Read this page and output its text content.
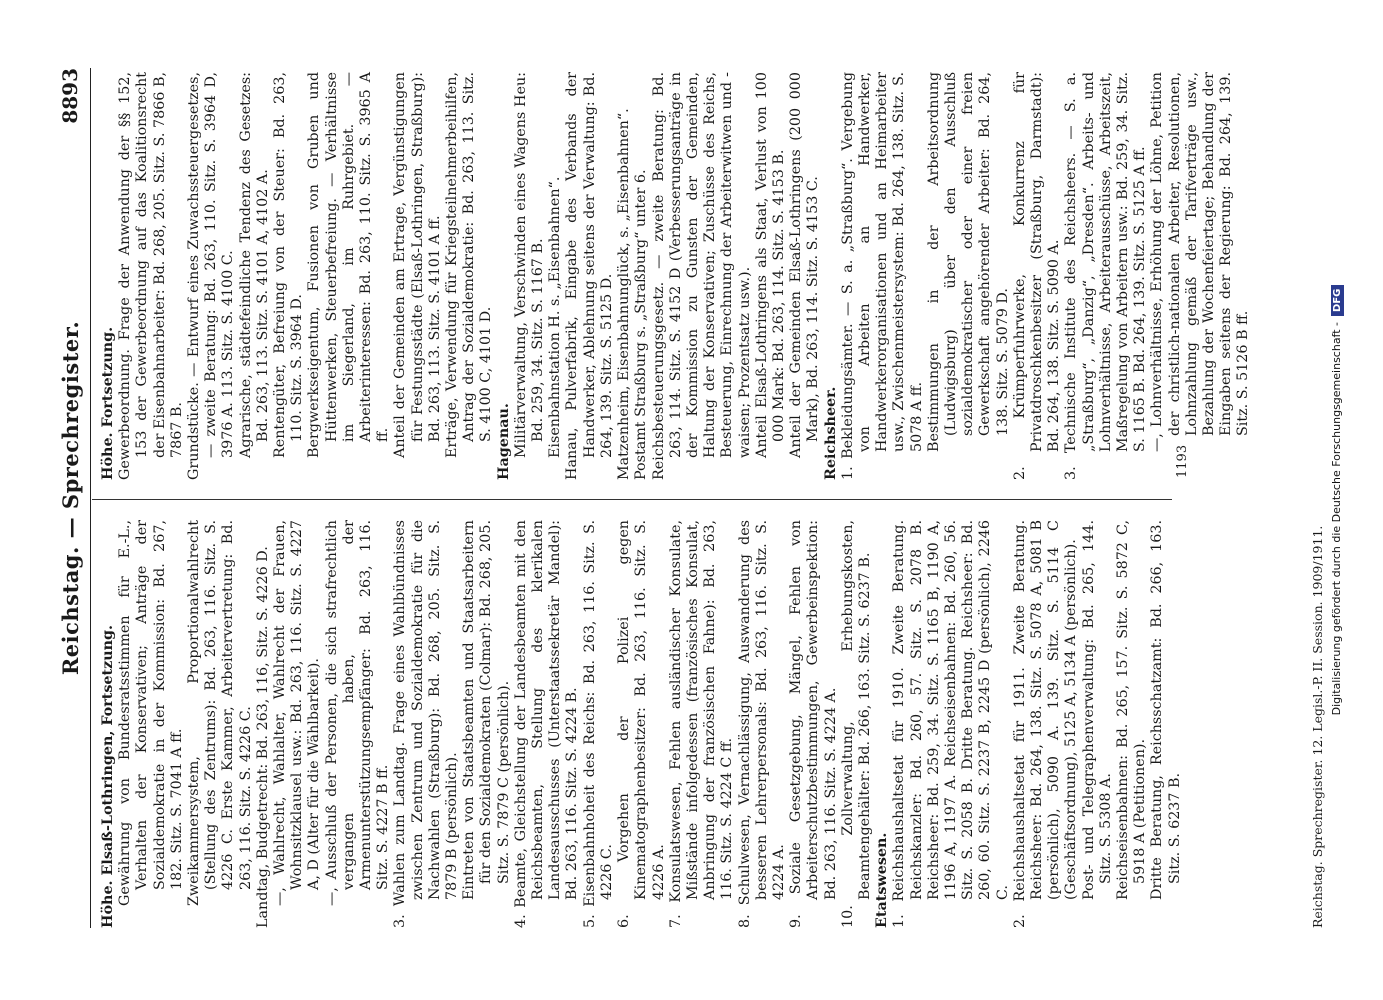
Reichstag. — Sprechregister.
8893

Höhe. Elsaß-Lothringen, Fortsetzung. Gewährung von Bundesratsstimmen für E.-L., Verhalten der Konservativen; Anträge der Sozialdemokratie in der Kommission: Bd. 267, 182. Sitz. S. 7041 A ff. Zweikammersystem, Proportionalwahlrecht (Stellung des Zentrums): Bd. 263, 116. Sitz. S. 4226 C. Erste Kammer, Arbeitervertretung: Bd. 263, 116. Sitz. S. 4226 C. Landtag, Budgetrecht: Bd. 263, 116, Sitz. S. 4226 D. —, Wahlrecht, Wahlalter, Wahlrecht der Frauen, Wohnsitzklausel usw.: Bd. 263, 116. Sitz. S. 4227 A, D (Alter für die Wählbarkeit). —, Ausschluß der Personen, die sich strafrechtlich vergangen haben, der Armenunterstützungsempfänger: Bd. 263, 116. Sitz. S. 4227 B ff. 3. Wahlen zum Landtag. Frage eines Wahlbündnisses zwischen Zentrum und Sozialdemokratie für die Nachwahlen (Straßburg): Bd. 268, 205. Sitz. S. 7879 B (persönlich). Eintreten von Staatsbeamten und Staatsarbeitern für den Sozialdemokraten (Colmar): Bd. 268, 205. Sitz. S. 7879 C (persönlich). 4. Beamte, Gleichstellung der Landesbeamten mit den Reichsbeamten, Stellung des klerikalen Landesausschusses (Unterstaatssekretär Mandel): Bd. 263, 116. Sitz. S. 4224 B. 5. Eisenbahnhoheit des Reichs: Bd. 263, 116. Sitz. S. 4226 C. 6. Vorgehen der Polizei gegen Kinematographenbesitzer: Bd. 263, 116. Sitz. S. 4226 A. 7. Konsulatswesen, Fehlen ausländischer Konsulate, Mißstände infolgedessen (französisches Konsulat, Anbringung der französischen Fahne): Bd. 263, 116. Sitz. S. 4224 C ff. 8. Schulwesen, Vernachlässigung, Auswanderung des besseren Lehrerpersonals: Bd. 263, 116. Sitz. S. 4224 A. 9. Soziale Gesetzgebung, Mängel, Fehlen von Arbeiterschutzbestimmungen, Gewerbeinspektion: Bd. 263, 116. Sitz. S. 4224 A. 10. Zollverwaltung, Erhebungskosten, Beamtengehälter: Bd. 266, 163. Sitz. S. 6237 B. Etatswesen. 1. Reichshaushaltsetat für 1910. Zweite Beratung. Reichskanzler: Bd. 260, 57. Sitz. S. 2078 B. Reichsheer: Bd. 259, 34. Sitz. S. 1165 B, 1190 A, 1196 A, 1197 A. Reichseisenbahnen: Bd. 260, 56. Sitz. S. 2058 B. Dritte Beratung. Reichsheer: Bd. 260, 60. Sitz. S. 2237 B, 2245 D (persönlich), 2246 C. 2. Reichshaushaltsetat für 1911. Zweite Beratung. Reichsheer: Bd. 264, 138. Sitz. S. 5078 A, 5081 B (persönlich), 5090 A. 139. Sitz. S. 5114 C (Geschäftsordnung), 5125 A, 5134 A (persönlich). Post- und Telegraphenverwaltung: Bd. 265, 144. Sitz. S. 5308 A. Reichseisenbahnen: Bd. 265, 157. Sitz. S. 5872 C, 5918 A (Petitionen). Dritte Beratung, Reichsschatzamt: Bd. 266, 163. Sitz. S. 6237 B.

Höhe. Fortsetzung. Gewerbeordnung. Frage der Anwendung der §§ 152, 153 der Gewerbeordnung auf das Koalitionsrecht der Eisenbahnarbeiter: Bd. 268, 205. Sitz. S. 7866 B, 7867 B. Grundstücke. — Entwurf eines Zuwachssteuergesetzes, — zweite Beratung: Bd. 263, 110. Sitz. S. 3964 D, 3976 A. 113. Sitz. S. 4100 C. Agrarische, städtefeindliche Tendenz des Gesetzes: Bd. 263, 113. Sitz. S. 4101 A, 4102 A. Rentengüter, Befreiung von der Steuer: Bd. 263, 110. Sitz. S. 3964 D. Bergwerkseigentum, Fusionen von Gruben und Hüttenwerken, Steuerbefreiung. — Verhältnisse im Siegerland, im Ruhrgebiet. — Arbeiterinteressen: Bd. 263, 110. Sitz. S. 3965 A ff. Anteil der Gemeinden am Ertrage, Vergünstigungen für Festungsstädte (Elsaß-Lothringen, Straßburg): Bd. 263, 113. Sitz. S. 4101 A ff. Erträge, Verwendung für Kriegsteilnehmerbeihilfen, Antrag der Sozialdemokratie: Bd. 263, 113. Sitz. S. 4100 C, 4101 D. Hagenau. Militärverwaltung, Verschwinden eines Wagens Heu: Bd. 259, 34. Sitz. S. 1167 B. Eisenbahnstation H. s. „Eisenbahnen“. Hanau, Pulverfabrik, Eingabe des Verbands der Handwerker, Ablehnung seitens der Verwaltung: Bd. 264, 139. Sitz. S. 5125 D. Matzenheim, Eisenbahnunglück, s. „Eisenbahnen“. Postamt Straßburg s. „Straßburg“ unter 6. Reichsbesteuerungsgesetz. — zweite Beratung: Bd. 263, 114. Sitz. S. 4152 D (Verbesserungsanträge in der Kommission zu Gunsten der Gemeinden, Haltung der Konservativen; Zuschüsse des Reichs, Besteuerung, Einrechnung der Arbeiterwitwen und -waisen; Prozentsatz usw.). Anteil Elsaß-Lothringens als Staat, Verlust von 100 000 Mark: Bd. 263, 114. Sitz. S. 4153 B. Anteil der Gemeinden Elsaß-Lothringens (200 000 Mark), Bd. 263, 114. Sitz. S. 4153 C. Reichsheer. 1. Bekleidungsämter. — S. a. „Straßburg“. Vergebung von Arbeiten an Handwerker, Handwerkerorganisationen und an Heimarbeiter usw., Zwischenmeistersystem: Bd. 264, 138. Sitz. S. 5078 A ff. Bestimmungen in der Arbeitsordnung (Ludwigsburg) über den Ausschluß sozialdemokratischer oder einer freien Gewerkschaft angehörender Arbeiter: Bd. 264, 138. Sitz. S. 5079 D. 2. Krümperfuhrwerke, Konkurrenz für Privatdroschkenbesitzer (Straßburg, Darmstadt): Bd. 264, 138. Sitz. S. 5090 A. 3. Technische Institute des Reichsheers. — S. a. „Straßburg“, „Danzig“, „Dresden“. Arbeits- und Lohnverhältnisse, Arbeiterausschüsse, Arbeitszeit, Maßregelung von Arbeitern usw.: Bd. 259, 34. Sitz. S. 1165 B. Bd. 264, 139. Sitz. S. 5125 A ff. —, Lohnverhältnisse, Erhöhung der Löhne, Petition der christlich-nationalen Arbeiter, Resolutionen, Lohnzahlung gemäß der Tarifverträge usw., Bezahlung der Wochenfeiertage; Behandlung der Eingaben seitens der Regierung: Bd. 264, 139. Sitz. S. 5126 B ff.

1193
Reichstag. Sprechregister. 12. Legisl.-P. II. Session. 1909/1911.
Digitalisierung gefördert durch die Deutsche Forschungsgemeinschaft -DFG
